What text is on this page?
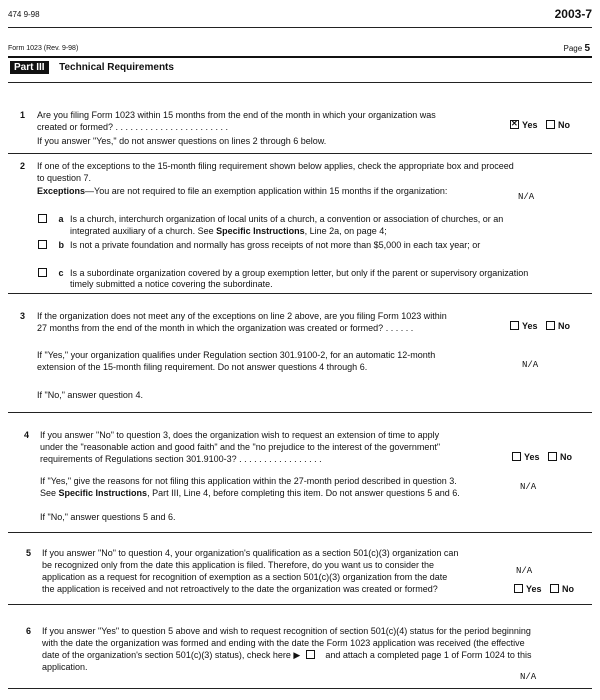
474 9-98	2003-7
Form 1023 (Rev. 9-98)	Page 5
Part III Technical Requirements
1 Are you filing Form 1023 within 15 months from the end of the month in which your organization was
created or formed? . . . . . . . . . . . . . . . . . . . . . . .
✕	Yes No
If you answer "Yes," do not answer questions on lines 2 through 6 below.
2 If one of the exceptions to the 15-month filing requirement shown below applies, check the appropriate box and proceed
to question 7.
Exceptions—You are not required to file an exemption application within 15 months if the organization:
N/A
a Is a church, interchurch organization of local units of a church, a convention or association of churches, or an
integrated auxiliary of a church. See Specific Instructions, Line 2a, on page 4;
b Is not a private foundation and normally has gross receipts of not more than $5,000 in each tax year; or
c Is a subordinate organization covered by a group exemption letter, but only if the parent or supervisory organization
timely submitted a notice covering the subordinate.
3 If the organization does not meet any of the exceptions on line 2 above, are you filing Form 1023 within
27 months from the end of the month in which the organization was created or formed? . . . . . .	Yes No
If "Yes," your organization qualifies under Regulation section 301.9100-2, for an automatic 12-month
extension of the 15-month filing requirement. Do not answer questions 4 through 6.	N/A
If "No," answer question 4.
4 If you answer "No" to question 3, does the organization wish to request an extension of time to apply
under the "reasonable action and good faith" and the "no prejudice to the interest of the government"
requirements of Regulations section 301.9100-3? . . . . . . . . . . . . . . . . .	Yes No
If "Yes," give the reasons for not filing this application within the 27-month period described in question 3.
See Specific Instructions, Part III, Line 4, before completing this item. Do not answer questions 5 and 6.
N/A
If "No," answer questions 5 and 6.
5 If you answer "No" to question 4, your organization's qualification as a section 501(c)(3) organization can
be recognized only from the date this application is filed. Therefore, do you want us to consider the
application as a request for recognition of exemption as a section 501(c)(3) organization from the date
the application is received and not retroactively to the date the organization was created or formed?
N/A
Yes No
6 If you answer "Yes" to question 5 above and wish to request recognition of section 501(c)(4) status for the period beginning
with the date the organization was formed and ending with the date the Form 1023 application was received (the effective
date of the organization's section 501(c)(3) status), check here ▶	and attach a completed page 1 of Form 1024 to this
application.
N/A
